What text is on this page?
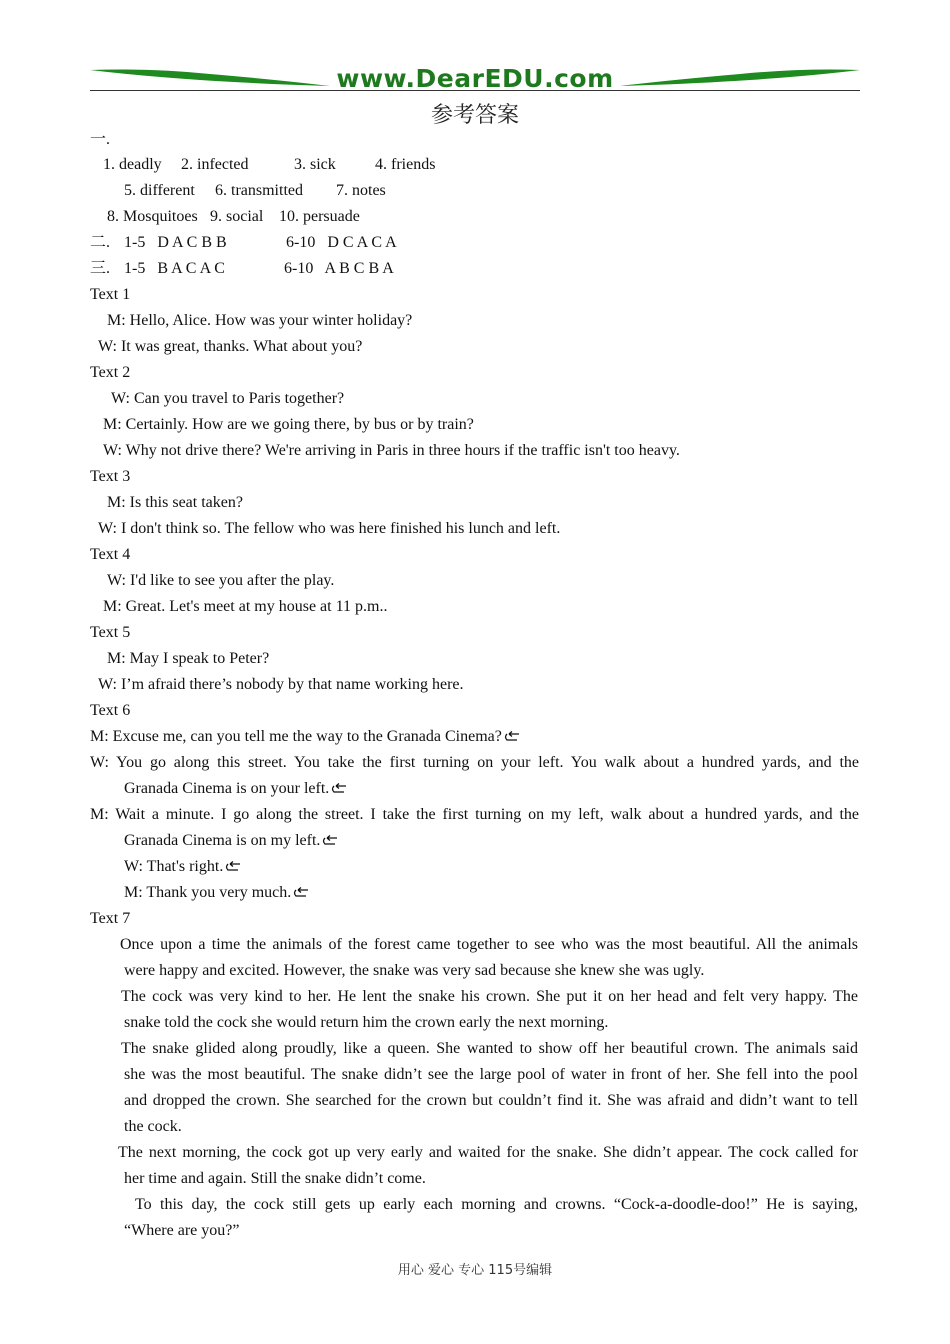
www.DearEDU.com
参考答案
一.
1. deadly 2. infected	3. sick 4. friends
5. different 6. transmitted 7. notes
8. Mosquitoes 9. social 10. persuade
二. 1-5   D A C B B	6-10   D C A C A
三. 1-5   B A C A C	6-10   A B C B A
Text 1
M: Hello, Alice. How was your winter holiday?
W: It was great, thanks. What about you?
Text 2
W: Can you travel to Paris together?
M: Certainly. How are we going there, by bus or by train?
W: Why not drive there? We're arriving in Paris in three hours if the traffic isn't too heavy.
Text 3
M: Is this seat taken?
W: I don't think so. The fellow who was here finished his lunch and left.
Text 4
W: I'd like to see you after the play.
M: Great. Let's meet at my house at 11 p.m..
Text 5
M: May I speak to Peter?
W: I’m afraid there’s nobody by that name working here.
Text 6
M: Excuse me, can you tell me the way to the Granada Cinema?
W: You go along this street. You take the first turning on your left. You walk about a hundred yards, and the
Granada Cinema is on your left.
M: Wait a minute. I go along the street. I take the first turning on my left, walk about a hundred yards, and the
Granada Cinema is on my left.
W: That's right.
M: Thank you very much.
Text 7
Once upon a time the animals of the forest came together to see who was the most beautiful. All the animals
were happy and excited. However, the snake was very sad because she knew she was ugly.
The cock was very kind to her. He lent the snake his crown. She put it on her head and felt very happy. The
snake told the cock she would return him the crown early the next morning.
The snake glided along proudly, like a queen. She wanted to show off her beautiful crown. The animals said
she was the most beautiful. The snake didn’t see the large pool of water in front of her. She fell into the pool
and dropped the crown. She searched for the crown but couldn’t find it. She was afraid and didn’t want to tell
the cock.
The next morning, the cock got up very early and waited for the snake. She didn’t appear. The cock called for
her time and again. Still the snake didn’t come.
To this day, the cock still gets up early each morning and crowns. “Cock-a-doodle-doo!” He is saying,
“Where are you?”
用心 爱心 专心 115号编辑
